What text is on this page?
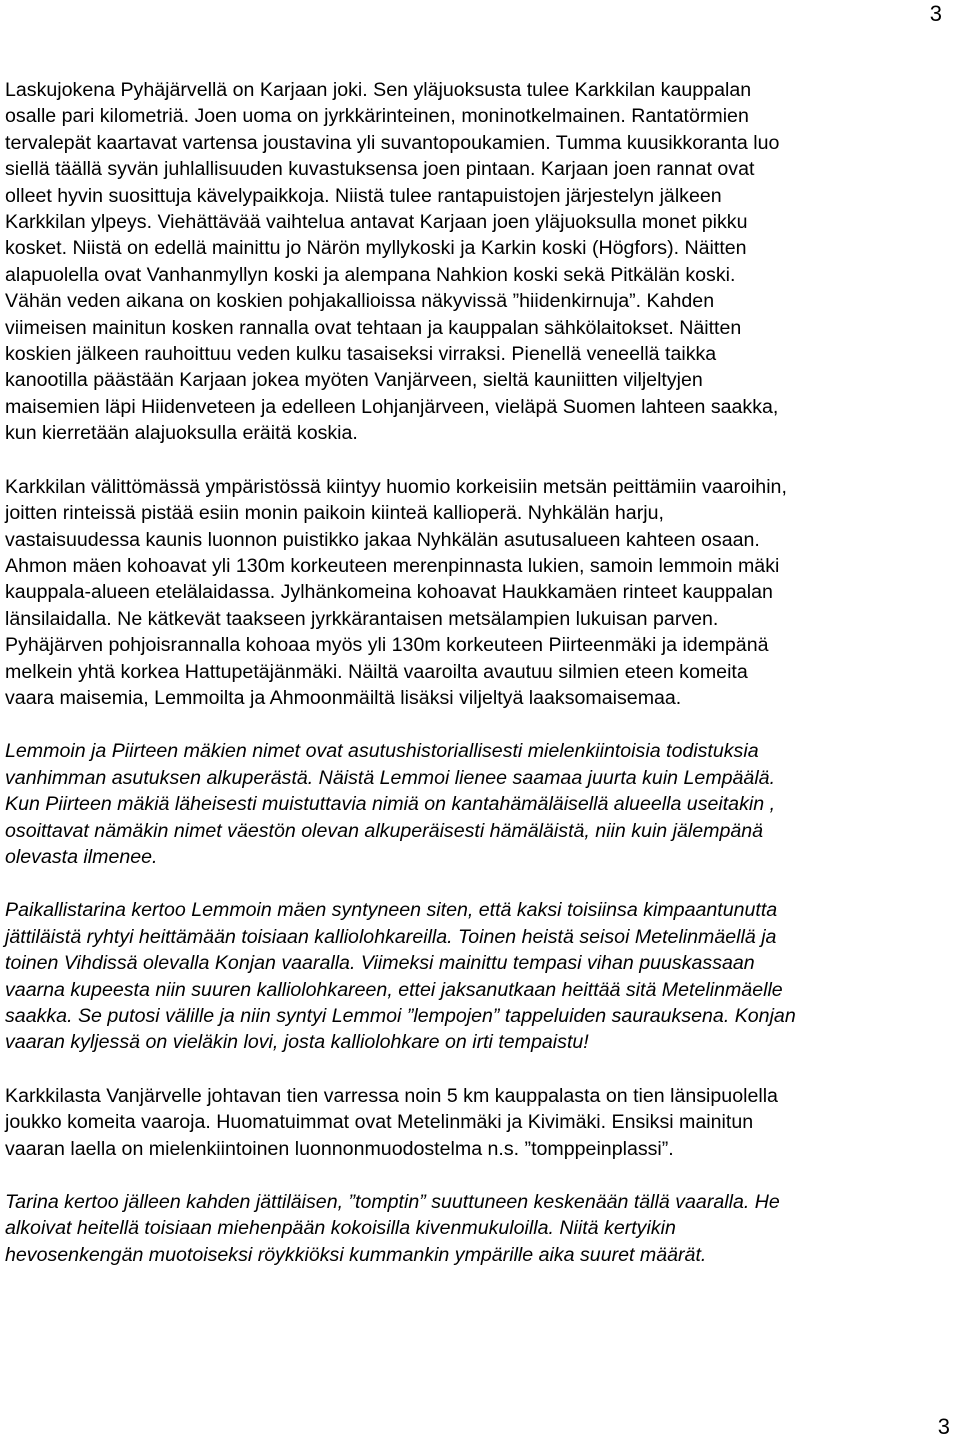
3

Laskujokena Pyhäjärvellä on Karjaan joki. Sen yläjuoksusta tulee Karkkilan kauppalan
osalle pari kilometriä. Joen uoma on jyrkkärinteinen, moninotkelmainen. Rantatörmien
tervalepät kaartavat vartensa joustavina yli suvantopoukamien. Tumma kuusikkoranta luo
siellä täällä syvän juhlallisuuden kuvastuksensa joen pintaan. Karjaan joen rannat ovat
olleet hyvin suosittuja kävelypaikkoja. Niistä tulee rantapuistojen järjestelyn jälkeen
Karkkilan ylpeys. Viehättävää vaihtelua antavat Karjaan joen yläjuoksulla monet pikku
kosket. Niistä on edellä mainittu jo Närön myllykoski ja Karkin koski (Högfors). Näitten
alapuolella ovat Vanhanmyllyn koski ja alempana Nahkion koski sekä Pitkälän koski.
Vähän veden aikana on koskien pohjakallioissa näkyvissä ”hiidenkirnuja”. Kahden
viimeisen mainitun kosken rannalla ovat tehtaan ja kauppalan sähkölaitokset. Näitten
koskien jälkeen rauhoittuu veden kulku tasaiseksi virraksi. Pienellä veneellä taikka
kanootilla päästään Karjaan jokea myöten Vanjärveen, sieltä kauniitten viljeltyjen
maisemien läpi Hiidenveteen ja edelleen Lohjanjärveen, vieläpä Suomen lahteen saakka,
kun kierretään alajuoksulla eräitä koskia.

Karkkilan välittömässä ympäristössä kiintyy huomio korkeisiin metsän peittämiin vaaroihin,
joitten rinteissä pistää esiin monin paikoin kiinteä kallioperä. Nyhkälän harju,
vastaisuudessa kaunis luonnon puistikko jakaa Nyhkälän asutusalueen kahteen osaan.
Ahmon mäen kohoavat yli 130m korkeuteen merenpinnasta lukien, samoin lemmoin mäki
kauppala-alueen etelälaidassa. Jylhänkomeina kohoavat Haukkamäen rinteet kauppalan
länsilaidalla. Ne kätkevät taakseen jyrkkärantaisen metsälampien lukuisan parven.
Pyhäjärven pohjoisrannalla kohoaa myös yli 130m korkeuteen Piirteenmäki ja idempänä
melkein yhtä korkea Hattupetäjänmäki. Näiltä vaaroilta avautuu silmien eteen komeita
vaara maisemia, Lemmoilta ja Ahmoonmäiltä lisäksi viljeltyä laaksomaisemaa.

Lemmoin ja Piirteen mäkien nimet ovat asutushistoriallisesti mielenkiintoisia todistuksia
vanhimman asutuksen alkuperästä. Näistä Lemmoi lienee saamaa juurta kuin Lempäälä.
Kun Piirteen mäkiä läheisesti muistuttavia nimiä on kantahämäläisellä alueella useitakin ,
osoittavat nämäkin nimet väestön olevan alkuperäisesti hämäläistä, niin kuin jälempänä
olevasta ilmenee.

Paikallistarina kertoo Lemmoin mäen syntyneen siten, että kaksi toisiinsa kimpaantunutta
jättiläistä ryhtyi heittämään toisiaan kalliolohkareilla. Toinen heistä seisoi Metelinmäellä ja
toinen Vihdissä olevalla Konjan vaaralla. Viimeksi mainittu tempasi vihan puuskassaan
vaarna kupeesta niin suuren kalliolohkareen, ettei jaksanutkaan heittää sitä Metelinmäelle
saakka. Se putosi välille ja niin syntyi Lemmoi ”lempojen” tappeluiden saurauksena. Konjan
vaaran kyljessä on vieläkin lovi, josta kalliolohkare on irti tempaistu!

Karkkilasta Vanjärvelle johtavan tien varressa noin 5 km kauppalasta on tien länsipuolella
joukko komeita vaaroja. Huomatuimmat ovat Metelinmäki ja Kivimäki. Ensiksi mainitun
vaaran laella on mielenkiintoinen luonnonmuodostelma n.s. ”tomppeinplassi”.

Tarina kertoo jälleen kahden jättiläisen, ”tomptin” suuttuneen keskenään tällä vaaralla. He
alkoivat heitellä toisiaan miehenpään kokoisilla kivenmukuloilla. Niitä kertyikin
hevosenkengän muotoiseksi röykkiöksi kummankin ympärille aika suuret määrät.

3
